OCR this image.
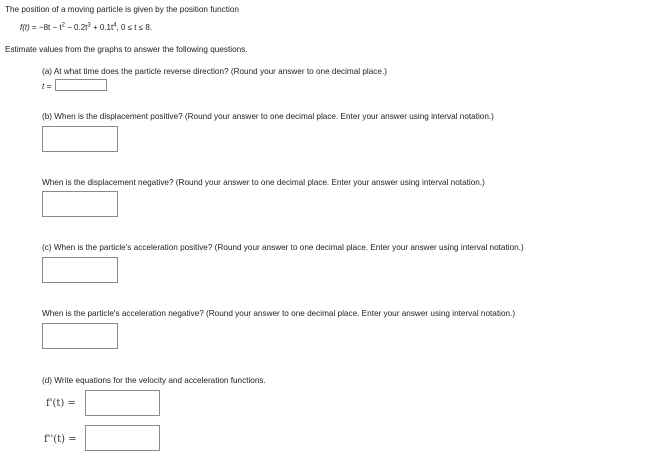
The position of a moving particle is given by the position function
$f(t) = -8t - t^2 - 0.2t^3 + 0.1t^4$, 0 ≤ t ≤ 8.
Estimate values from the graphs to answer the following questions.
(a) At what time does the particle reverse direction? (Round your answer to one decimal place.)
t =
(b) When is the displacement positive? (Round your answer to one decimal place. Enter your answer using interval notation.)
When is the displacement negative? (Round your answer to one decimal place. Enter your answer using interval notation.)
(c) When is the particle's acceleration positive? (Round your answer to one decimal place. Enter your answer using interval notation.)
When is the particle's acceleration negative? (Round your answer to one decimal place. Enter your answer using interval notation.)
(d) Write equations for the velocity and acceleration functions.
f'(t) =
f''(t) =
